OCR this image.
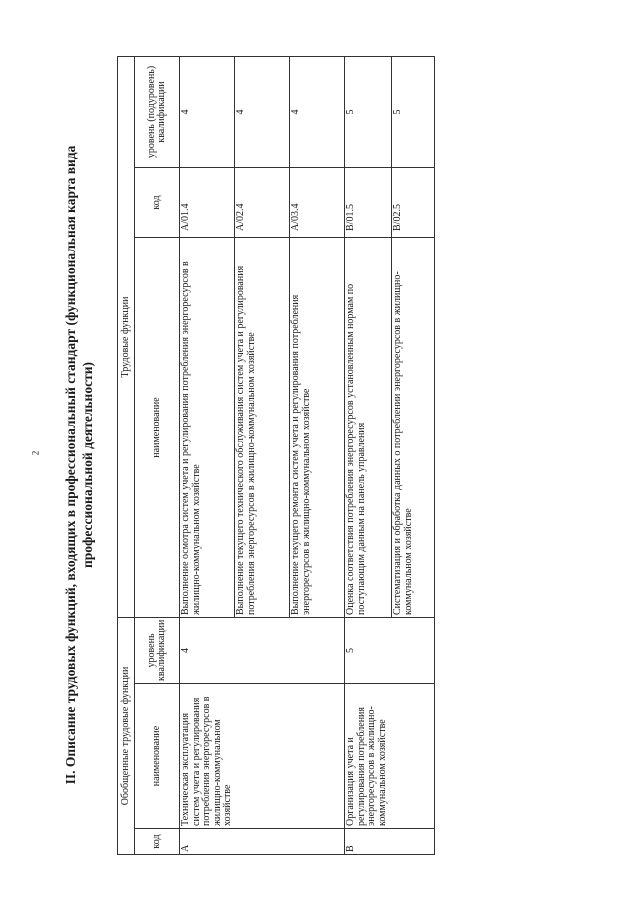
2 II. Описание трудовых функций, входящих в профессиональный стандарт (функциональная карта вида профессиональной деятельности)
Обобщенные трудовые функции			Трудовые функции		
код	наименование	уровень квалификации	наименование	код	уровень (подуровень) квалификации
А	Техническая эксплуатация систем учета и регулирования потребления энергоресурсов в жилищно-коммунальном хозяйстве	4	Выполнение осмотра систем учета и регулирования потребления энергоресурсов в жилищно-коммунальном хозяйстве	А/01.4	4
			Выполнение текущего технического обслуживания систем учета и регулирования потребления энергоресурсов в жилищно-коммунальном хозяйстве	А/02.4	4
			Выполнение текущего ремонта систем учета и регулирования потребления энергоресурсов в жилищно-коммунальном хозяйстве	А/03.4	4
В	Организация учета и регулирования потребления энергоресурсов в жилищно-коммунальном хозяйстве	5	Оценка соответствия потребления энергоресурсов установленным нормам по поступающим данным на панель управления	В/01.5	5
			Систематизация и обработка данных о потреблении энергоресурсов в жилищно-коммунальном хозяйстве	В/02.5	5
